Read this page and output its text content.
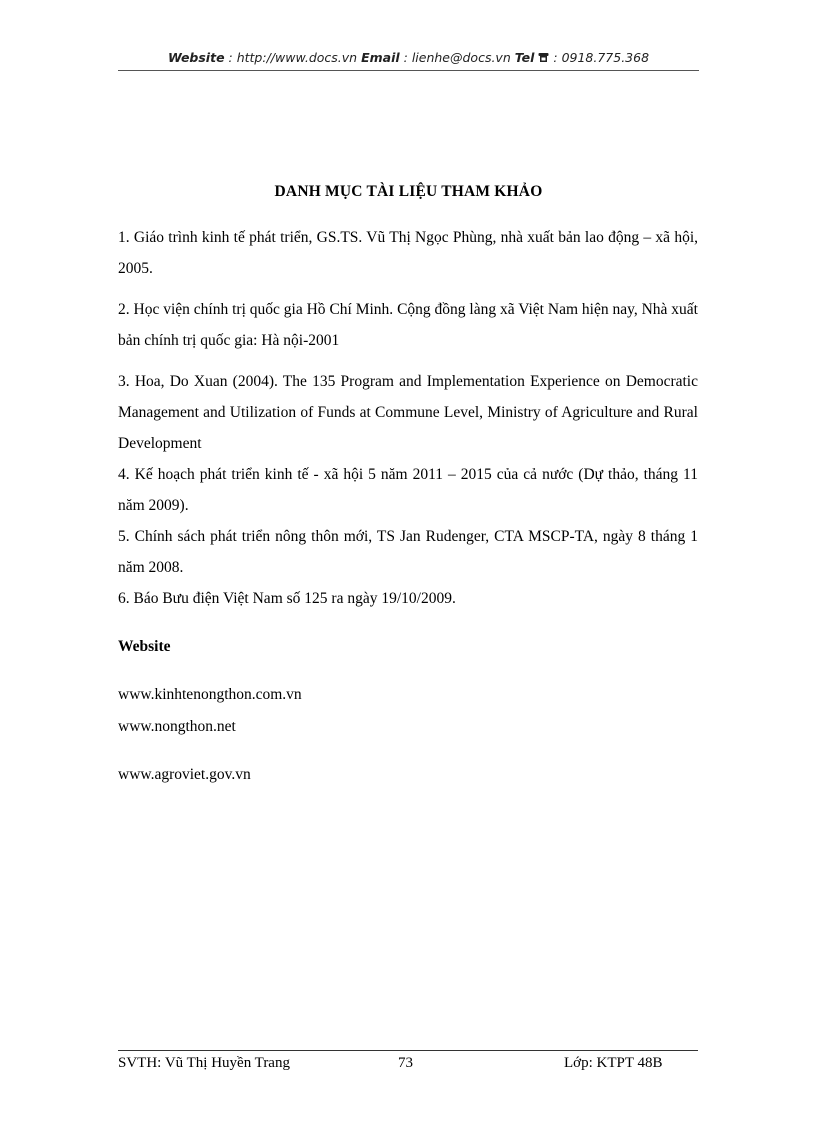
Website : http://www.docs.vn Email : lienhe@docs.vn Tel  : 0918.775.368
DANH MỤC TÀI LIỆU THAM KHẢO
1. Giáo trình kinh tế phát triển, GS.TS. Vũ Thị Ngọc Phùng, nhà xuất bản lao động – xã hội, 2005.
2. Học viện chính trị quốc gia Hồ Chí Minh. Cộng đồng làng xã Việt Nam hiện nay, Nhà xuất bản chính trị quốc gia: Hà nội-2001
3. Hoa, Do Xuan (2004). The 135 Program and Implementation Experience on Democratic Management and Utilization of Funds at Commune Level, Ministry of Agriculture and Rural Development
4. Kế hoạch phát triển kinh tế - xã hội 5 năm 2011 – 2015 của cả nước (Dự thảo, tháng 11 năm 2009).
5. Chính sách phát triển nông thôn mới, TS Jan Rudenger, CTA MSCP-TA, ngày 8 tháng 1 năm 2008.
6. Báo Bưu điện Việt Nam số 125 ra ngày 19/10/2009.
Website
www.kinhtenongthon.com.vn
www.nongthon.net
www.agroviet.gov.vn
SVTH: Vũ Thị Huyền Trang	73	Lớp: KTPT 48B
